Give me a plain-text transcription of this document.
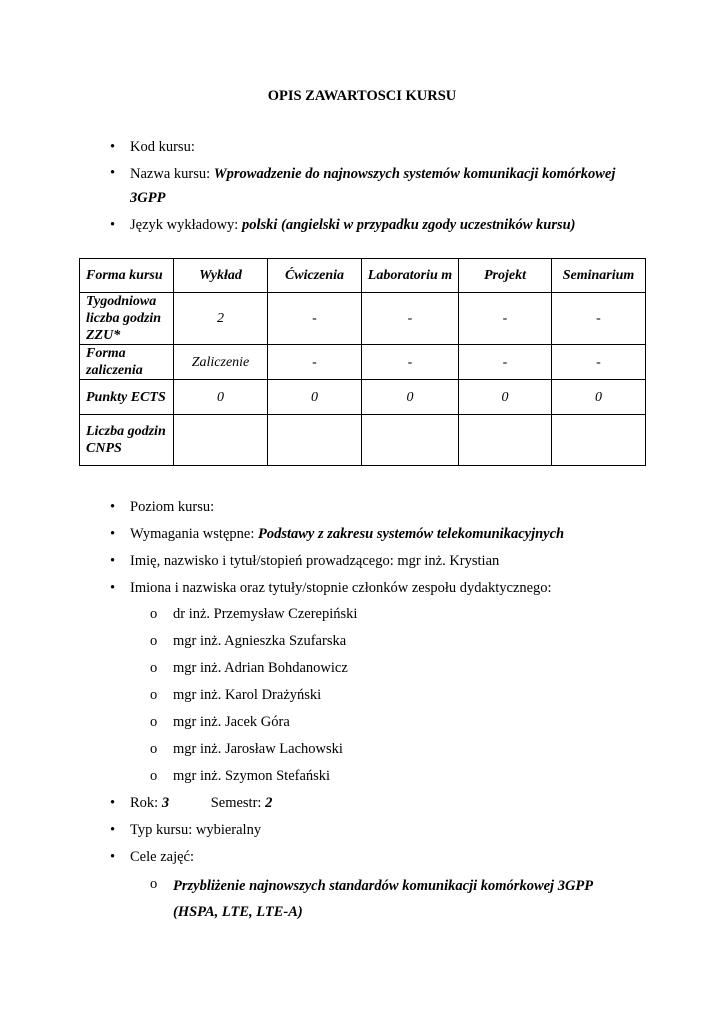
OPIS ZAWARTOSCI KURSU
• Kod kursu:
• Nazwa kursu: Wprowadzenie do najnowszych systemów komunikacji komórkowej
3GPP
• Język wykładowy: polski (angielski w przypadku zgody uczestników kursu)
Forma kursu	Wykład	Ćwiczenia	Laboratoriu m	Projekt	Seminarium
Tygodniowa liczba godzin ZZU*	2	-	-	-	-
Forma zaliczenia	Zaliczenie	-	-	-	-
Punkty ECTS	0	0	0	0	0
Liczba godzin CNPS					
• Poziom kursu:
• Wymagania wstępne: Podstawy z zakresu systemów telekomunikacyjnych
• Imię, nazwisko i tytuł/stopień prowadzącego: mgr inż. Krystian
• Imiona i nazwiska oraz tytuły/stopnie członków zespołu dydaktycznego:
o dr inż. Przemysław Czerepiński
o mgr inż. Agnieszka Szufarska
o mgr inż. Adrian Bohdanowicz
o mgr inż. Karol Drażyński
o mgr inż. Jacek Góra
o mgr inż. Jarosław Lachowski
o mgr inż. Szymon Stefański
• Rok: 3	Semestr: 2
• Typ kursu: wybieralny
• Cele zajęć:
o Przybliżenie najnowszych standardów komunikacji komórkowej 3GPP
(HSPA, LTE, LTE-A)
